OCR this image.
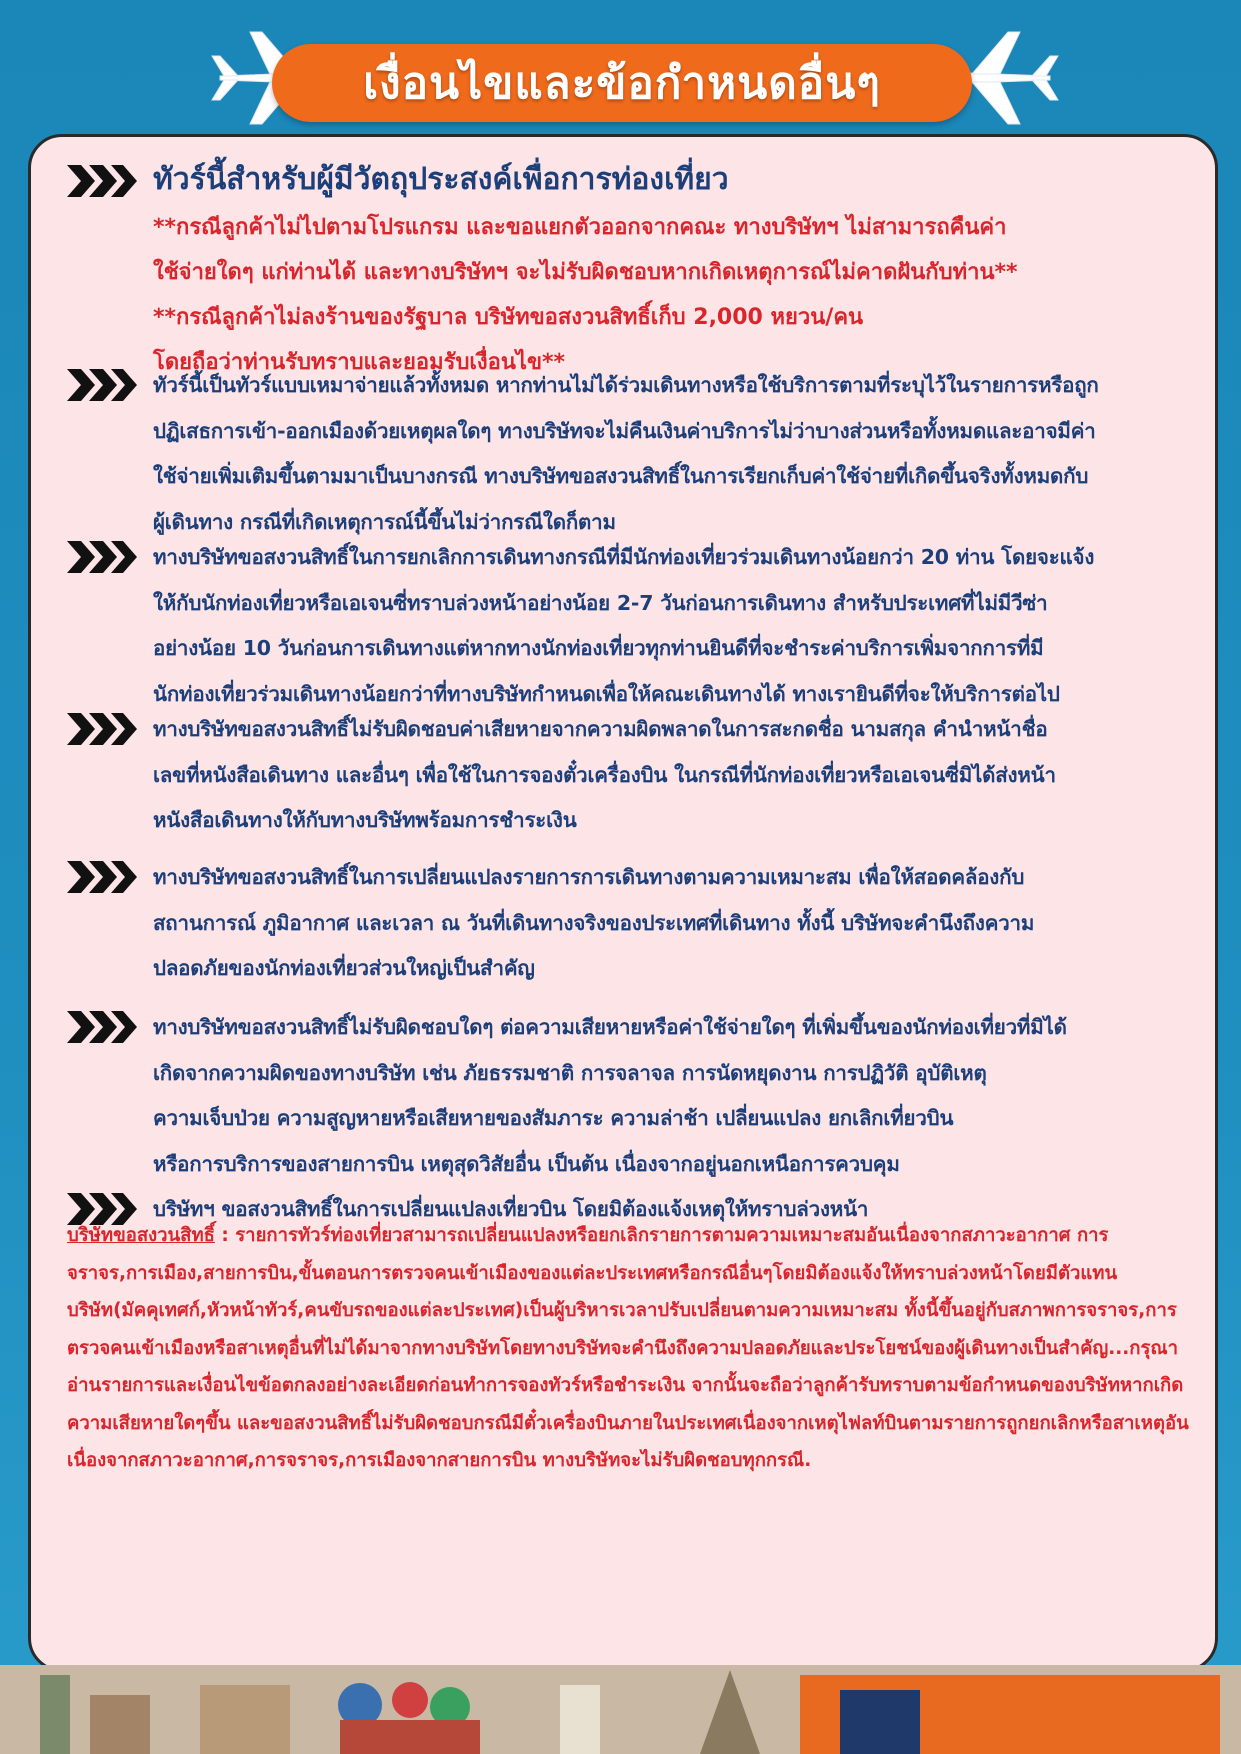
เงื่อนไขและข้อกำหนดอื่นๆ
ทัวร์นี้สำหรับผู้มีวัตถุประสงค์เพื่อการท่องเที่ยว
**กรณีลูกค้าไม่ไปตามโปรแกรม และขอแยกตัวออกจากคณะ ทางบริษัทฯ ไม่สามารถคืนค่า
ใช้จ่ายใดๆ แก่ท่านได้ และทางบริษัทฯ จะไม่รับผิดชอบหากเกิดเหตุการณ์ไม่คาดฝันกับท่าน**
**กรณีลูกค้าไม่ลงร้านของรัฐบาล บริษัทขอสงวนสิทธิ์เก็บ 2,000 หยวน/คน
โดยถือว่าท่านรับทราบและยอมรับเงื่อนไข**
ทัวร์นี้เป็นทัวร์แบบเหมาจ่ายแล้วทั้งหมด หากท่านไม่ได้ร่วมเดินทางหรือใช้บริการตามที่ระบุไว้ในรายการหรือถูก
ปฏิเสธการเข้า-ออกเมืองด้วยเหตุผลใดๆ ทางบริษัทจะไม่คืนเงินค่าบริการไม่ว่าบางส่วนหรือทั้งหมดและอาจมีค่า
ใช้จ่ายเพิ่มเติมขึ้นตามมาเป็นบางกรณี ทางบริษัทขอสงวนสิทธิ์ในการเรียกเก็บค่าใช้จ่ายที่เกิดขึ้นจริงทั้งหมดกับ
ผู้เดินทาง กรณีที่เกิดเหตุการณ์นี้ขึ้นไม่ว่ากรณีใดก็ตาม
ทางบริษัทขอสงวนสิทธิ์ในการยกเลิกการเดินทางกรณีที่มีนักท่องเที่ยวร่วมเดินทางน้อยกว่า 20 ท่าน โดยจะแจ้ง
ให้กับนักท่องเที่ยวหรือเอเจนซี่ทราบล่วงหน้าอย่างน้อย 2-7 วันก่อนการเดินทาง สำหรับประเทศที่ไม่มีวีซ่า
อย่างน้อย 10 วันก่อนการเดินทางแต่หากทางนักท่องเที่ยวทุกท่านยินดีที่จะชำระค่าบริการเพิ่มจากการที่มี
นักท่องเที่ยวร่วมเดินทางน้อยกว่าที่ทางบริษัทกำหนดเพื่อให้คณะเดินทางได้ ทางเรายินดีที่จะให้บริการต่อไป
ทางบริษัทขอสงวนสิทธิ์ไม่รับผิดชอบค่าเสียหายจากความผิดพลาดในการสะกดชื่อ นามสกุล คำนำหน้าชื่อ
เลขที่หนังสือเดินทาง และอื่นๆ เพื่อใช้ในการจองตั๋วเครื่องบิน ในกรณีที่นักท่องเที่ยวหรือเอเจนซี่มิได้ส่งหน้า
หนังสือเดินทางให้กับทางบริษัทพร้อมการชำระเงิน
ทางบริษัทขอสงวนสิทธิ์ในการเปลี่ยนแปลงรายการการเดินทางตามความเหมาะสม เพื่อให้สอดคล้องกับ
สถานการณ์ ภูมิอากาศ และเวลา ณ วันที่เดินทางจริงของประเทศที่เดินทาง ทั้งนี้ บริษัทจะคำนึงถึงความ
ปลอดภัยของนักท่องเที่ยวส่วนใหญ่เป็นสำคัญ
ทางบริษัทขอสงวนสิทธิ์ไม่รับผิดชอบใดๆ ต่อความเสียหายหรือค่าใช้จ่ายใดๆ ที่เพิ่มขึ้นของนักท่องเที่ยวที่มิได้
เกิดจากความผิดของทางบริษัท เช่น ภัยธรรมชาติ การจลาจล การนัดหยุดงาน การปฏิวัติ อุบัติเหตุ
ความเจ็บป่วย ความสูญหายหรือเสียหายของสัมภาระ ความล่าช้า เปลี่ยนแปลง ยกเลิกเที่ยวบิน
หรือการบริการของสายการบิน เหตุสุดวิสัยอื่น เป็นต้น เนื่องจากอยู่นอกเหนือการควบคุม
บริษัทฯ ขอสงวนสิทธิ์ในการเปลี่ยนแปลงเที่ยวบิน โดยมิต้องแจ้งเหตุให้ทราบล่วงหน้า
บริษัทขอสงวนสิทธิ์ : รายการทัวร์ท่องเที่ยวสามารถเปลี่ยนแปลงหรือยกเลิกรายการตามความเหมาะสมอันเนื่องจากสภาวะอากาศ การจราจร,การเมือง,สายการบิน,ขั้นตอนการตรวจคนเข้าเมืองของแต่ละประเทศหรือกรณีอื่นๆโดยมิต้องแจ้งให้ทราบล่วงหน้าโดยมีตัวแทนบริษัท(มัคคุเทศก์,หัวหน้าทัวร์,คนขับรถของแต่ละประเทศ)เป็นผู้บริหารเวลาปรับเปลี่ยนตามความเหมาะสม ทั้งนี้ขึ้นอยู่กับสภาพการจราจร,การตรวจคนเข้าเมืองหรือสาเหตุอื่นที่ไม่ได้มาจากทางบริษัทโดยทางบริษัทจะคำนึงถึงความปลอดภัยและประโยชน์ของผู้เดินทางเป็นสำคัญ...กรุณาอ่านรายการและเงื่อนไขข้อตกลงอย่างละเอียดก่อนทำการจองทัวร์หรือชำระเงิน จากนั้นจะถือว่าลูกค้ารับทราบตามข้อกำหนดของบริษัทหากเกิดความเสียหายใดๆขึ้น และขอสงวนสิทธิ์ไม่รับผิดชอบกรณีมีตั๋วเครื่องบินภายในประเทศเนื่องจากเหตุไฟลท์บินตามรายการถูกยกเลิกหรือสาเหตุอันเนื่องจากสภาวะอากาศ,การจราจร,การเมืองจากสายการบิน ทางบริษัทจะไม่รับผิดชอบทุกกรณี.
